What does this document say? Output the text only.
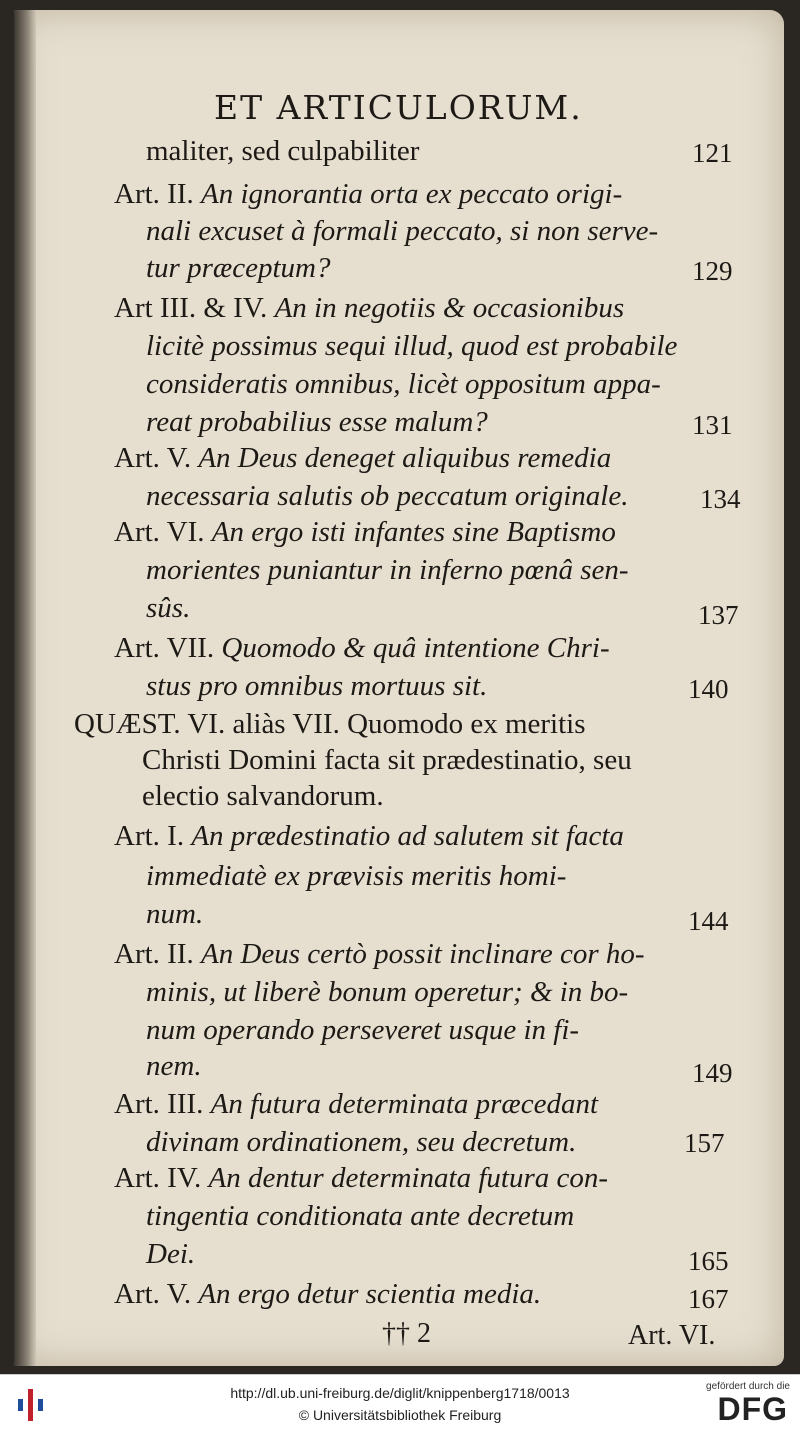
ET ARTICULORUM.
maliter, sed culpabiliter
Art. II. An ignorantia orta ex peccato origi-
nali excuset à formali peccato, si non serve-
tur præceptum?
Art III. & IV. An in negotiis & occasionibus
licitè possimus sequi illud, quod est probabile
consideratis omnibus, licèt oppositum appa-
reat probabilius esse malum?
Art. V. An Deus deneget aliquibus remedia
necessaria salutis ob peccatum originale.
Art. VI. An ergo isti infantes sine Baptismo
morientes puniantur in inferno pœnâ sen-
sûs.
Art. VII. Quomodo & quâ intentione Chri-
stus pro omnibus mortuus sit.
QUÆST. VI. aliàs VII. Quomodo ex meritis
Christi Domini facta sit prædestinatio, seu
electio salvandorum.
Art. I. An prædestinatio ad salutem sit facta
immediatè ex prævisis meritis homi-
num.
Art. II. An Deus certò possit inclinare cor ho-
minis, ut liberè bonum operetur; & in bo-
num operando perseveret usque in fi-
nem.
Art. III. An futura determinata præcedant
divinam ordinationem, seu decretum.
Art. IV. An dentur determinata futura con-
tingentia conditionata ante decretum
Dei.
Art. V. An ergo detur scientia media.
121
129
131
134
137
140
144
149
157
165
167
†† 2	Art. VI.
http://dl.ub.uni-freiburg.de/diglit/knippenberg1718/0013
© Universitätsbibliothek Freiburg
gefördert durch die
DFG
